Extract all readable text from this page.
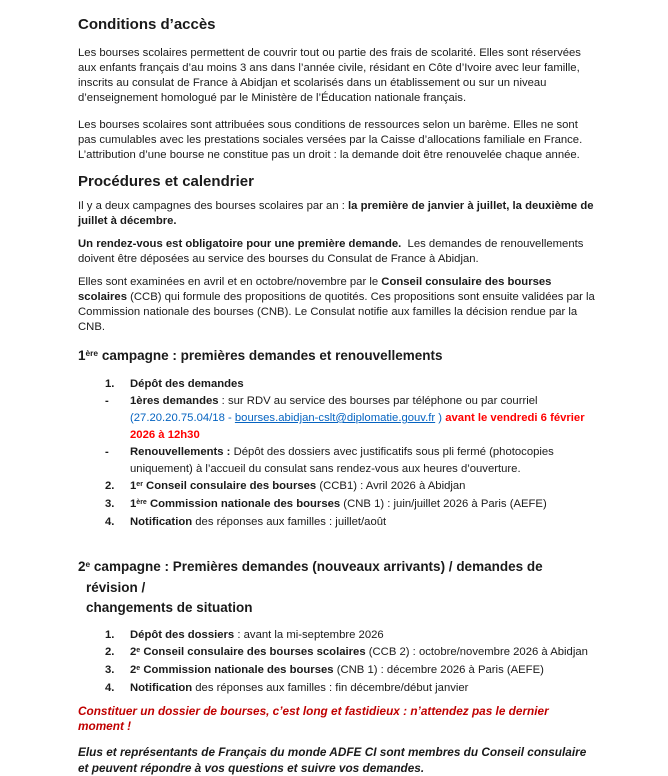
Conditions d’accès

Les bourses scolaires permettent de couvrir tout ou partie des frais de scolarité. Elles sont réservées
aux enfants français d’au moins 3 ans dans l’année civile, résidant en Côte d’Ivoire avec leur famille, inscrits au consulat de France à Abidjan et scolarisés dans un établissement ou sur un niveau d’enseignement homologué par le Ministère de l’Éducation nationale français.

Les bourses scolaires sont attribuées sous conditions de ressources selon un barème. Elles ne sont pas cumulables avec les prestations sociales versées par la Caisse d’allocations familiale en France. L’attribution d’une bourse ne constitue pas un droit : la demande doit être renouvelée chaque année.

Procédures et calendrier

Il y a deux campagnes des bourses scolaires par an : la première de janvier à juillet, la deuxième de juillet à décembre.

Un rendez-vous est obligatoire pour une première demande.  Les demandes de renouvellements doivent être déposées au service des bourses du Consulat de France à Abidjan.

Elles sont examinées en avril et en octobre/novembre par le Conseil consulaire des bourses scolaires (CCB) qui formule des propositions de quotités. Ces propositions sont ensuite validées par la Commission nationale des bourses (CNB). Le Consulat notifie aux familles la décision rendue par la CNB.

1ère campagne : premières demandes et renouvellements
1.	Dépôt des demandes
-	1ères demandes : sur RDV au service des bourses par téléphone ou par courriel (27.20.20.75.04/18 - bourses.abidjan-cslt@diplomatie.gouv.fr ) avant le vendredi 6 février 2026 à 12h30
-	Renouvellements : Dépôt des dossiers avec justificatifs sous pli fermé (photocopies uniquement) à l’accueil du consulat sans rendez-vous aux heures d’ouverture.
2.	1er Conseil consulaire des bourses (CCB1) : Avril 2026 à Abidjan
3.	1ère Commission nationale des bourses (CNB 1) : juin/juillet 2026 à Paris (AEFE)
4.	Notification des réponses aux familles : juillet/août
2e campagne : Premières demandes (nouveaux arrivants) / demandes de révision /
changements de situation
1.	Dépôt des dossiers : avant la mi-septembre 2026
2.	2e Conseil consulaire des bourses scolaires (CCB 2) : octobre/novembre 2026 à Abidjan
3.	2e Commission nationale des bourses (CNB 1) : décembre 2026 à Paris (AEFE)
4.	Notification des réponses aux familles : fin décembre/début janvier

Constituer un dossier de bourses, c’est long et fastidieux : n’attendez pas le dernier moment !

Elus et représentants de Français du monde ADFE CI sont membres du Conseil consulaire et peuvent répondre à vos questions et suivre vos demandes.
